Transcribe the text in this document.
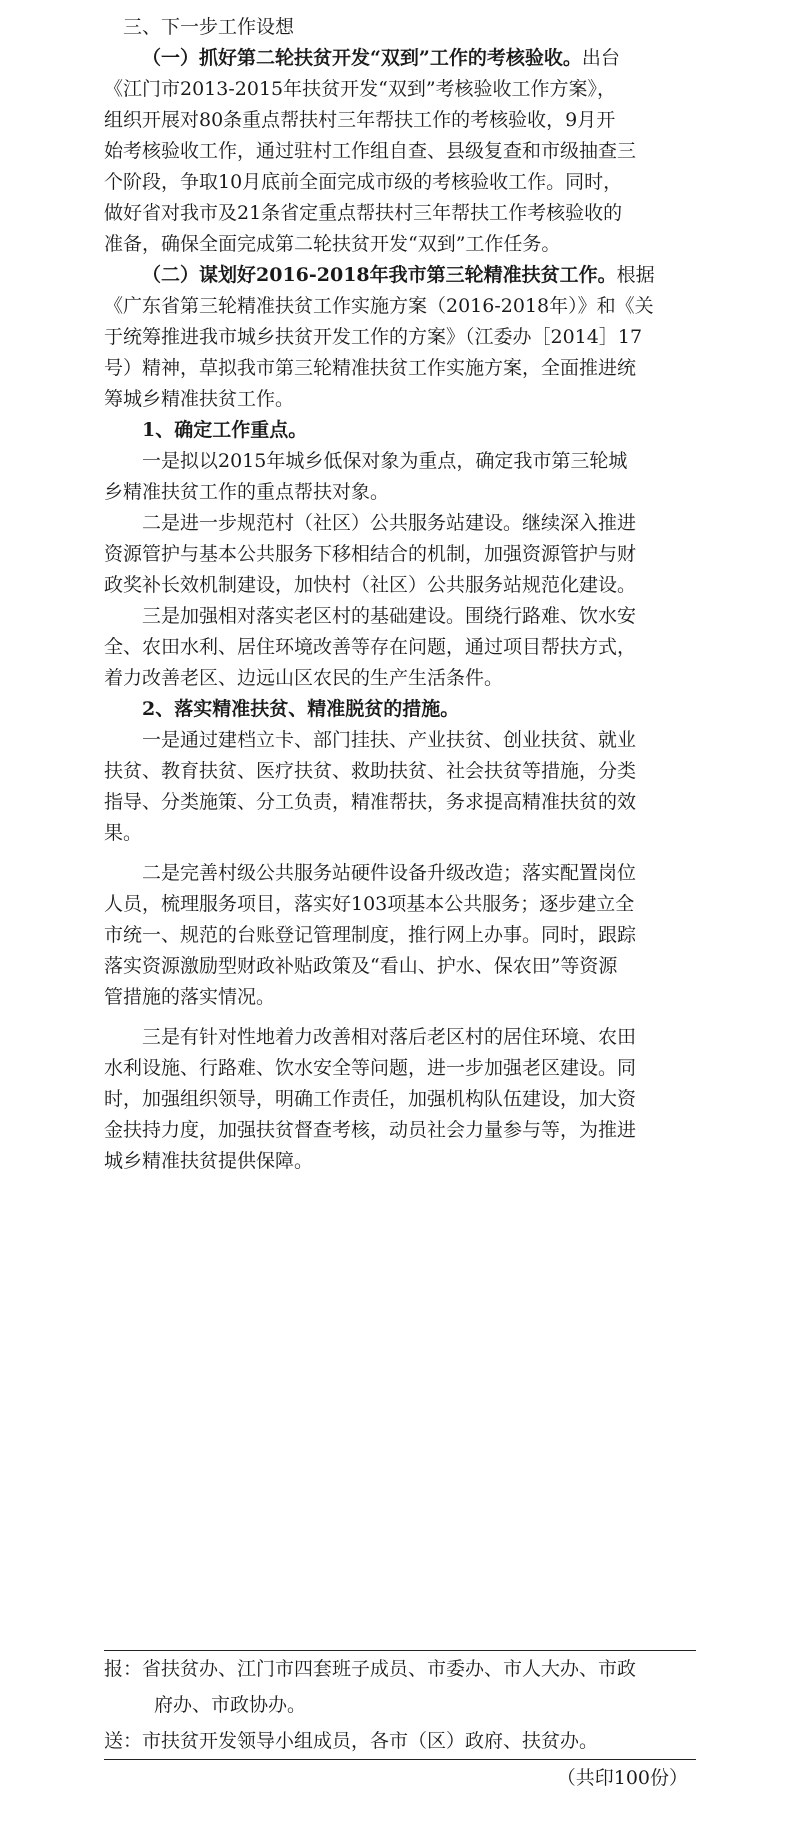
三、下一步工作设想
（一）抓好第二轮扶贫开发“双到”工作的考核验收。出台
《江门市2013-2015年扶贫开发“双到”考核验收工作方案》，
组织开展对80条重点帮扶村三年帮扶工作的考核验收，9月开
始考核验收工作，通过驻村工作组自查、县级复查和市级抽查三
个阶段，争取10月底前全面完成市级的考核验收工作。同时，
做好省对我市及21条省定重点帮扶村三年帮扶工作考核验收的
准备，确保全面完成第二轮扶贫开发“双到”工作任务。
（二）谋划好2016-2018年我市第三轮精准扶贫工作。根据
《广东省第三轮精准扶贫工作实施方案（2016-2018年）》和《关
于统筹推进我市城乡扶贫开发工作的方案》（江委办［2014］17
号）精神，草拟我市第三轮精准扶贫工作实施方案，全面推进统
筹城乡精准扶贫工作。
1、确定工作重点。
一是拟以2015年城乡低保对象为重点，确定我市第三轮城
乡精准扶贫工作的重点帮扶对象。
二是进一步规范村（社区）公共服务站建设。继续深入推进
资源管护与基本公共服务下移相结合的机制，加强资源管护与财
政奖补长效机制建设，加快村（社区）公共服务站规范化建设。
三是加强相对落实老区村的基础建设。围绕行路难、饮水安
全、农田水利、居住环境改善等存在问题，通过项目帮扶方式，
着力改善老区、边远山区农民的生产生活条件。
2、落实精准扶贫、精准脱贫的措施。
一是通过建档立卡、部门挂扶、产业扶贫、创业扶贫、就业
扶贫、教育扶贫、医疗扶贫、救助扶贫、社会扶贫等措施，分类
指导、分类施策、分工负责，精准帮扶，务求提高精准扶贫的效
果。
二是完善村级公共服务站硬件设备升级改造；落实配置岗位
人员，梳理服务项目，落实好103项基本公共服务；逐步建立全
市统一、规范的台账登记管理制度，推行网上办事。同时，跟踪
落实资源激励型财政补贴政策及“看山、护水、保农田”等资源
管措施的落实情况。
三是有针对性地着力改善相对落后老区村的居住环境、农田
水利设施、行路难、饮水安全等问题，进一步加强老区建设。同
时，加强组织领导，明确工作责任，加强机构队伍建设，加大资
金扶持力度，加强扶贫督查考核，动员社会力量参与等，为推进
城乡精准扶贫提供保障。
报：省扶贫办、江门市四套班子成员、市委办、市人大办、市政
府办、市政协办。
送：市扶贫开发领导小组成员，各市（区）政府、扶贫办。
（共印100份）
